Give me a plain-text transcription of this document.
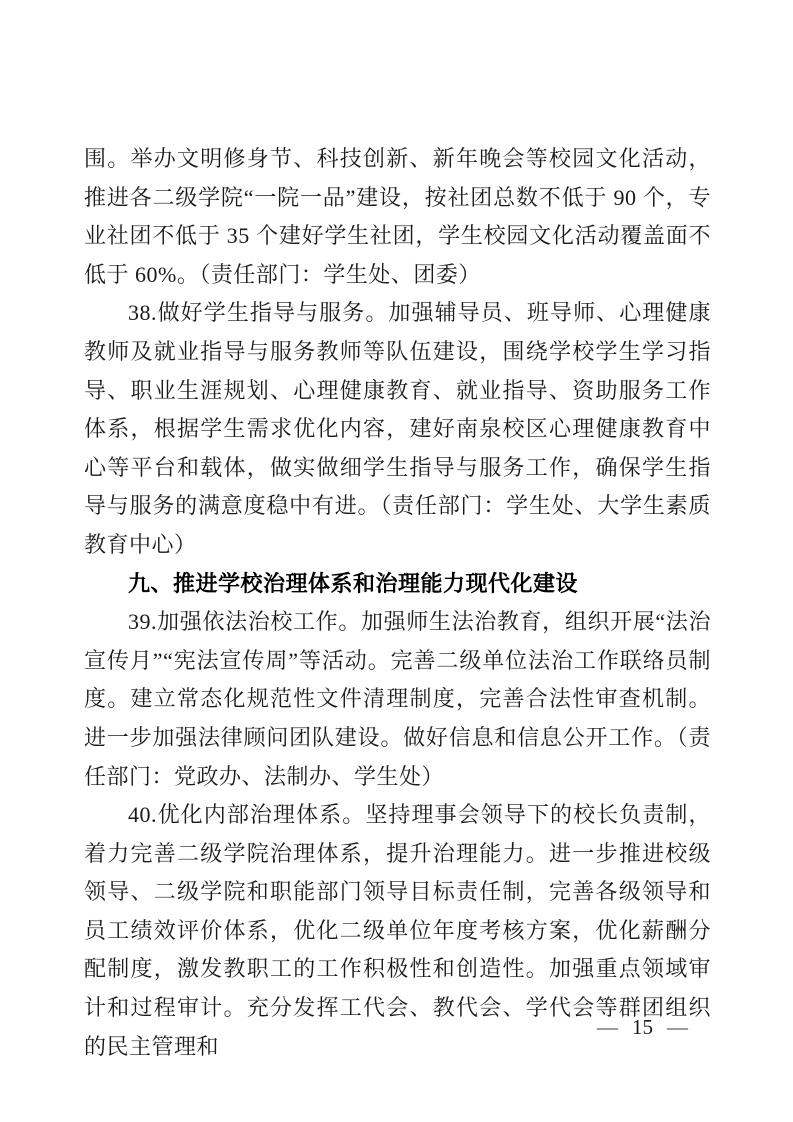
围。举办文明修身节、科技创新、新年晚会等校园文化活动，推进各二级学院“一院一品”建设，按社团总数不低于 90 个，专业社团不低于 35 个建好学生社团，学生校园文化活动覆盖面不低于 60%。（责任部门：学生处、团委）

38.做好学生指导与服务。加强辅导员、班导师、心理健康教师及就业指导与服务教师等队伍建设，围绕学校学生学习指导、职业生涯规划、心理健康教育、就业指导、资助服务工作体系，根据学生需求优化内容，建好南泉校区心理健康教育中心等平台和载体，做实做细学生指导与服务工作，确保学生指导与服务的满意度稳中有进。（责任部门：学生处、大学生素质教育中心）

九、推进学校治理体系和治理能力现代化建设

39.加强依法治校工作。加强师生法治教育，组织开展“法治宣传月”“宪法宣传周”等活动。完善二级单位法治工作联络员制度。建立常态化规范性文件清理制度，完善合法性审查机制。进一步加强法律顾问团队建设。做好信息和信息公开工作。（责任部门：党政办、法制办、学生处）

40.优化内部治理体系。坚持理事会领导下的校长负责制，着力完善二级学院治理体系，提升治理能力。进一步推进校级领导、二级学院和职能部门领导目标责任制，完善各级领导和员工绩效评价体系，优化二级单位年度考核方案，优化薪酬分配制度，激发教职工的工作积极性和创造性。加强重点领域审计和过程审计。充分发挥工代会、教代会、学代会等群团组织的民主管理和

— 15 —
